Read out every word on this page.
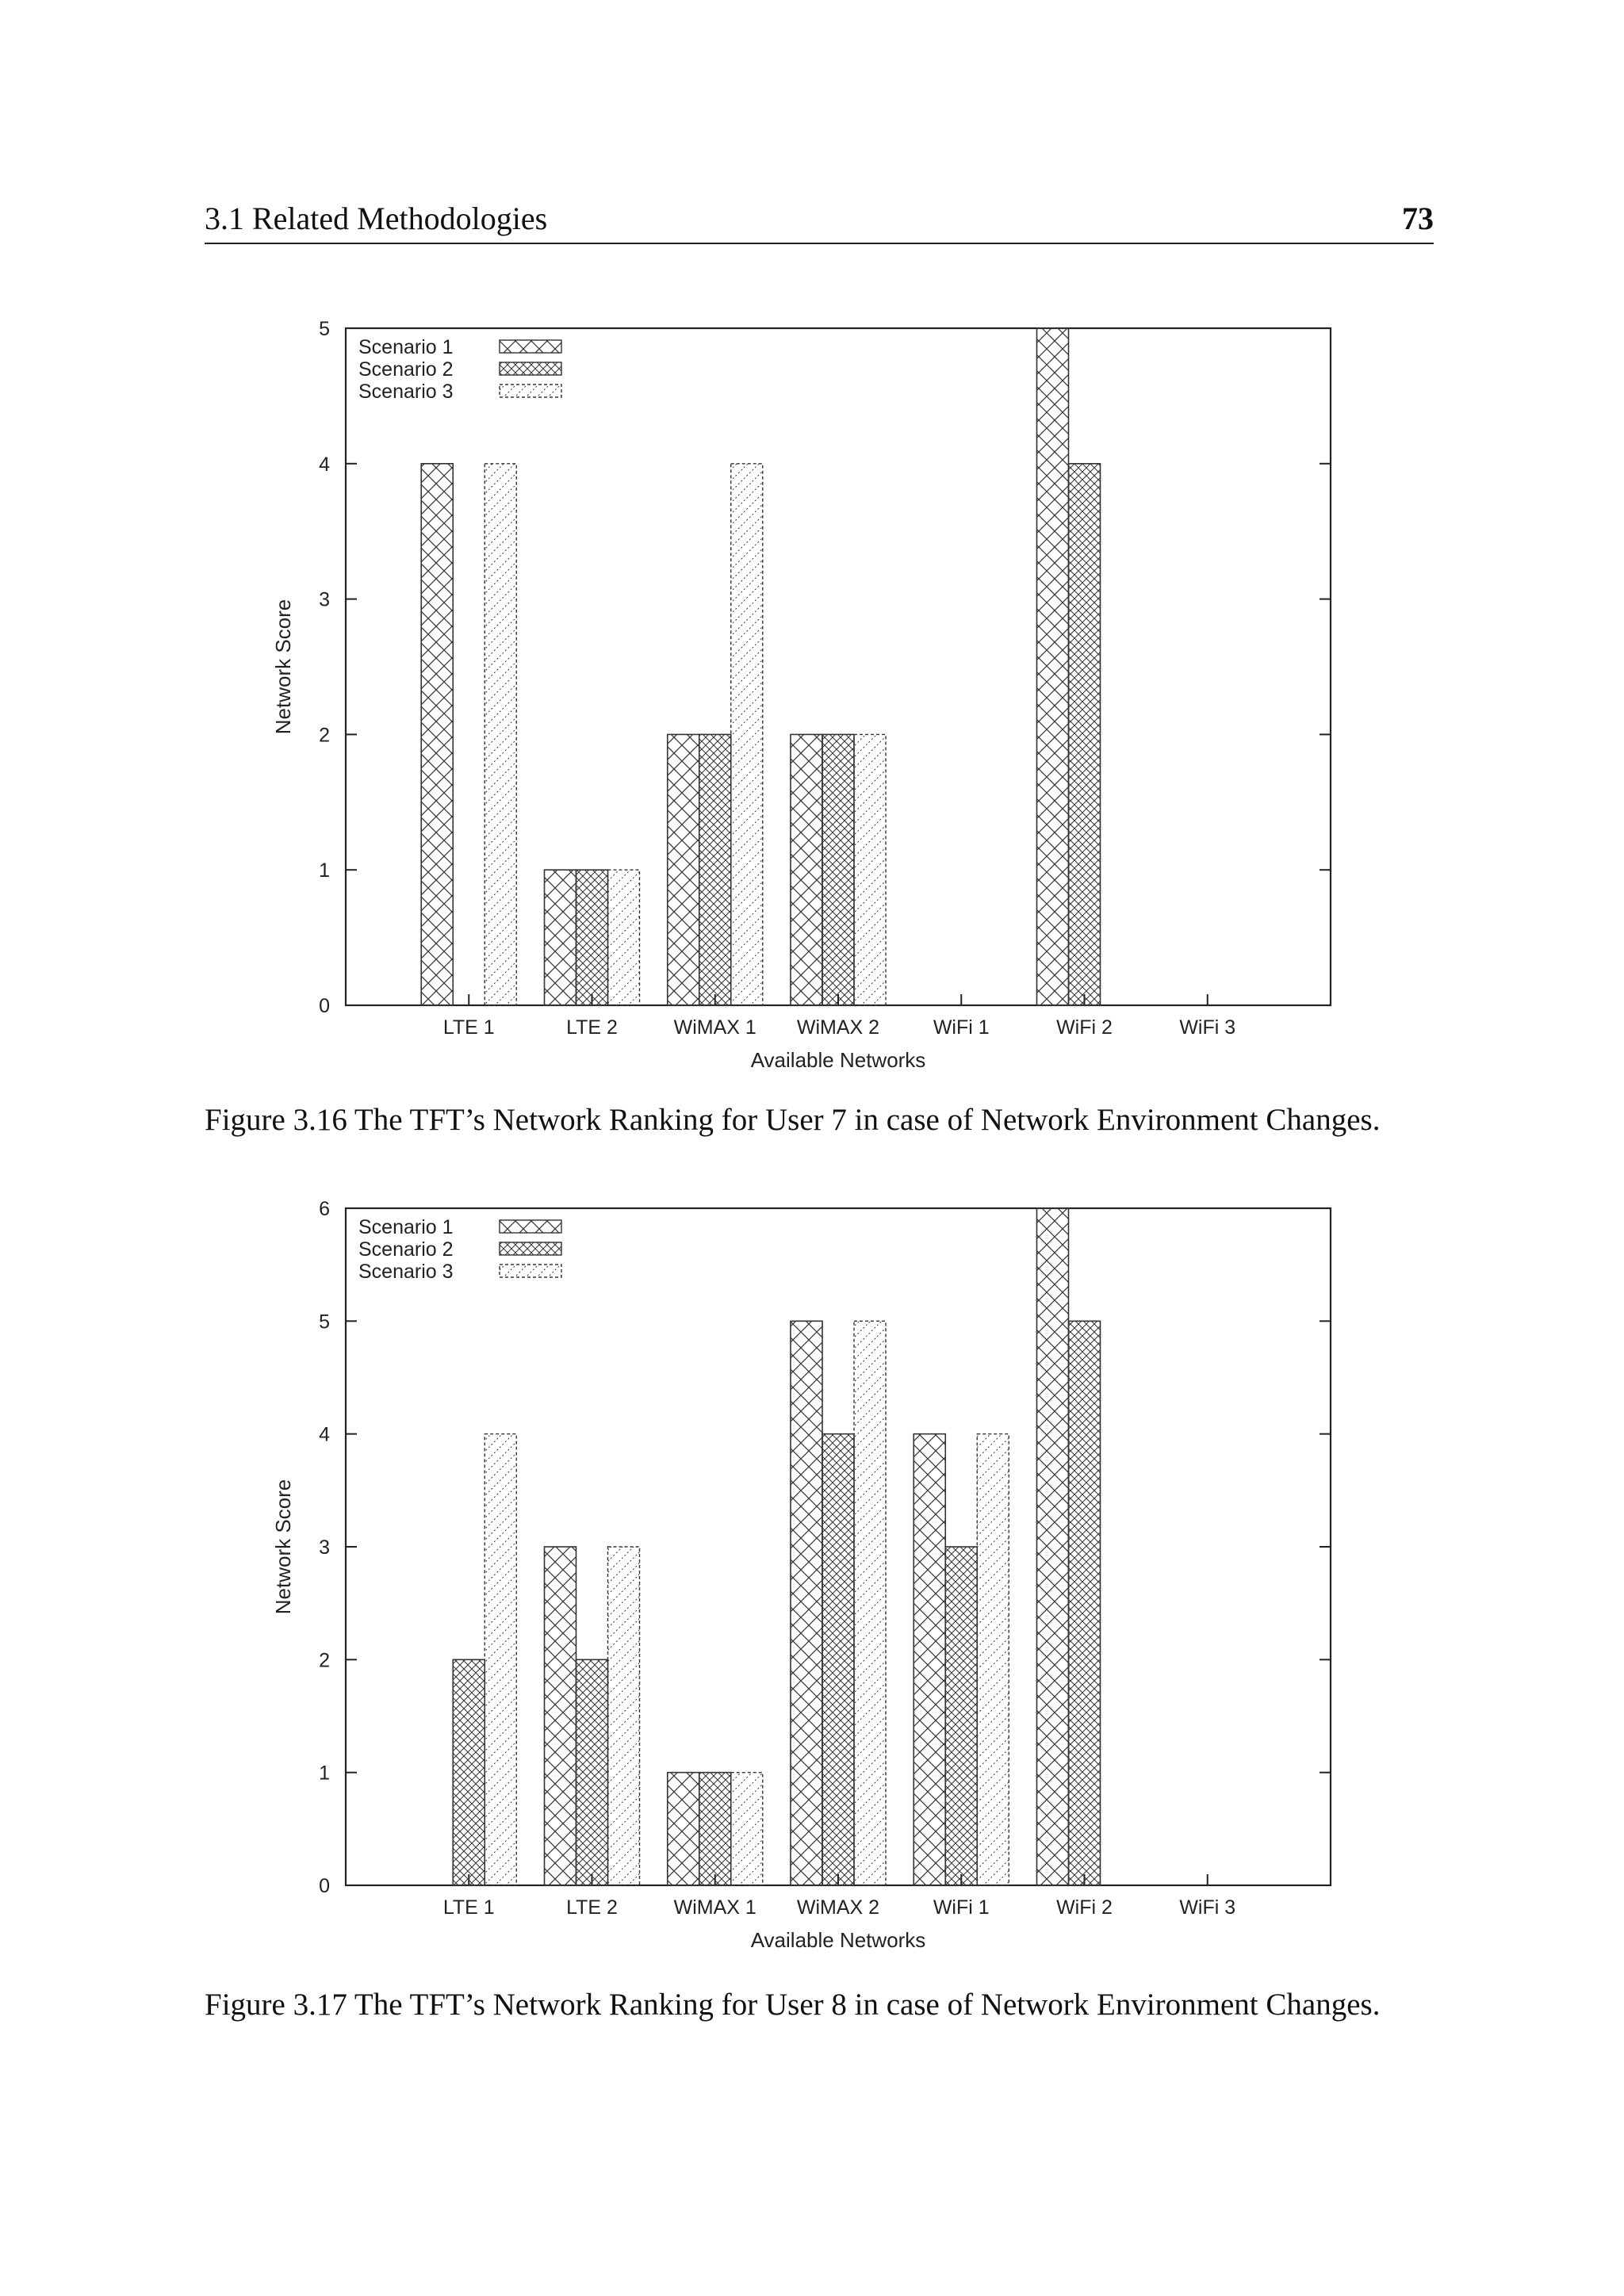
3.1 Related Methodologies	73
0
1
2
3
4
5
LTE 1	LTE 2	WiMAX 1 WiMAX 2	WiFi 1	WiFi 2	WiFi 3
Available Networks
Network Score
Scenario 1
Scenario 2
Scenario 3
Figure 3.16 The TFT’s Network Ranking for User 7 in case of Network Environment Changes.
0
1
2
3
4
5
6
LTE 1	LTE 2	WiMAX 1 WiMAX 2	WiFi 1	WiFi 2	WiFi 3
Available Networks
Network Score
Scenario 1
Scenario 2
Scenario 3
Figure 3.17 The TFT’s Network Ranking for User 8 in case of Network Environment Changes.
